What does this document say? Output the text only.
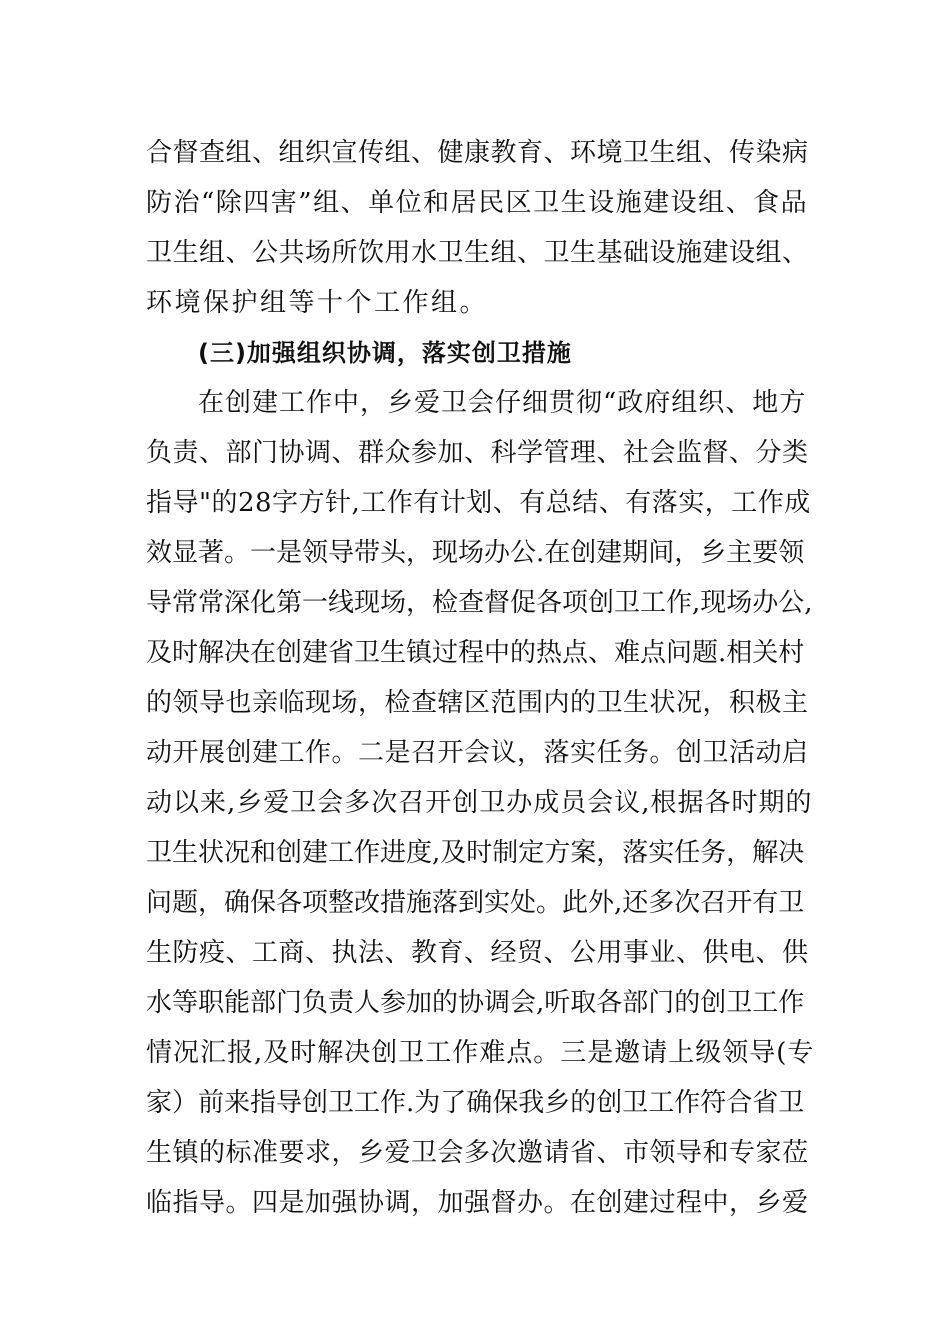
合督查组、组织宣传组、健康教育、环境卫生组、传染病
防治“除四害”组、单位和居民区卫生设施建设组、食品
卫生组、公共场所饮用水卫生组、卫生基础设施建设组、
环境保护组等十个工作组。
(三)加强组织协调，落实创卫措施
在创建工作中，乡爱卫会仔细贯彻“政府组织、地方
负责、部门协调、群众参加、科学管理、社会监督、分类
指导"的28字方针,工作有计划、有总结、有落实，工作成
效显著。一是领导带头，现场办公.在创建期间，乡主要领
导常常深化第一线现场，检查督促各项创卫工作,现场办公,
及时解决在创建省卫生镇过程中的热点、难点问题.相关村
的领导也亲临现场，检查辖区范围内的卫生状况，积极主
动开展创建工作。二是召开会议，落实任务。创卫活动启
动以来,乡爱卫会多次召开创卫办成员会议,根据各时期的
卫生状况和创建工作进度,及时制定方案，落实任务，解决
问题，确保各项整改措施落到实处。此外,还多次召开有卫
生防疫、工商、执法、教育、经贸、公用事业、供电、供
水等职能部门负责人参加的协调会,听取各部门的创卫工作
情况汇报,及时解决创卫工作难点。三是邀请上级领导(专
家）前来指导创卫工作.为了确保我乡的创卫工作符合省卫
生镇的标准要求，乡爱卫会多次邀请省、市领导和专家莅
临指导。四是加强协调，加强督办。在创建过程中，乡爱
